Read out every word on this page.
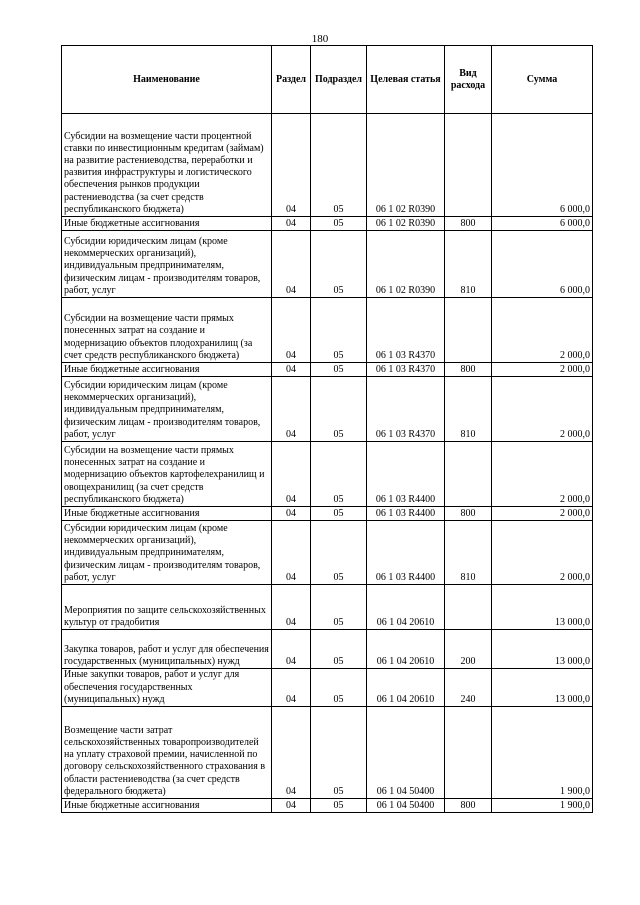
180
Наименование	Раздел	Подраздел	Целевая статья	Вид расхода	Сумма
Субсидии на возмещение части процентной ставки по инвестиционным кредитам (займам) на развитие растениеводства, переработки и развития инфраструктуры и логистического обеспечения рынков продукции растениеводства (за счет средств республиканского бюджета)	04	05	06 1 02 R0390		6 000,0
Иные бюджетные ассигнования	04	05	06 1 02 R0390	800	6 000,0
Субсидии юридическим лицам (кроме некоммерческих организаций), индивидуальным предпринимателям, физическим лицам - производителям товаров, работ, услуг	04	05	06 1 02 R0390	810	6 000,0
Субсидии на возмещение части прямых понесенных затрат на создание и модернизацию объектов плодохранилищ (за счет средств республиканского бюджета)	04	05	06 1 03 R4370		2 000,0
Иные бюджетные ассигнования	04	05	06 1 03 R4370	800	2 000,0
Субсидии юридическим лицам (кроме некоммерческих организаций), индивидуальным предпринимателям, физическим лицам - производителям товаров, работ, услуг	04	05	06 1 03 R4370	810	2 000,0
Субсидии на возмещение части прямых понесенных затрат на создание и модернизацию объектов картофелехранилищ и овощехранилищ (за счет средств республиканского бюджета)	04	05	06 1 03 R4400		2 000,0
Иные бюджетные ассигнования	04	05	06 1 03 R4400	800	2 000,0
Субсидии юридическим лицам (кроме некоммерческих организаций), индивидуальным предпринимателям, физическим лицам - производителям товаров, работ, услуг	04	05	06 1 03 R4400	810	2 000,0
Мероприятия по защите сельскохозяйственных культур от градобития	04	05	06 1 04 20610		13 000,0
Закупка товаров, работ и услуг для обеспечения государственных (муниципальных) нужд	04	05	06 1 04 20610	200	13 000,0
Иные закупки товаров, работ и услуг для обеспечения государственных (муниципальных) нужд	04	05	06 1 04 20610	240	13 000,0
Возмещение части затрат сельскохозяйственных товаропроизводителей на уплату страховой премии, начисленной по договору сельскохозяйственного страхования в области растениеводства (за счет средств федерального бюджета)	04	05	06 1 04 50400		1 900,0
Иные бюджетные ассигнования	04	05	06 1 04 50400	800	1 900,0
